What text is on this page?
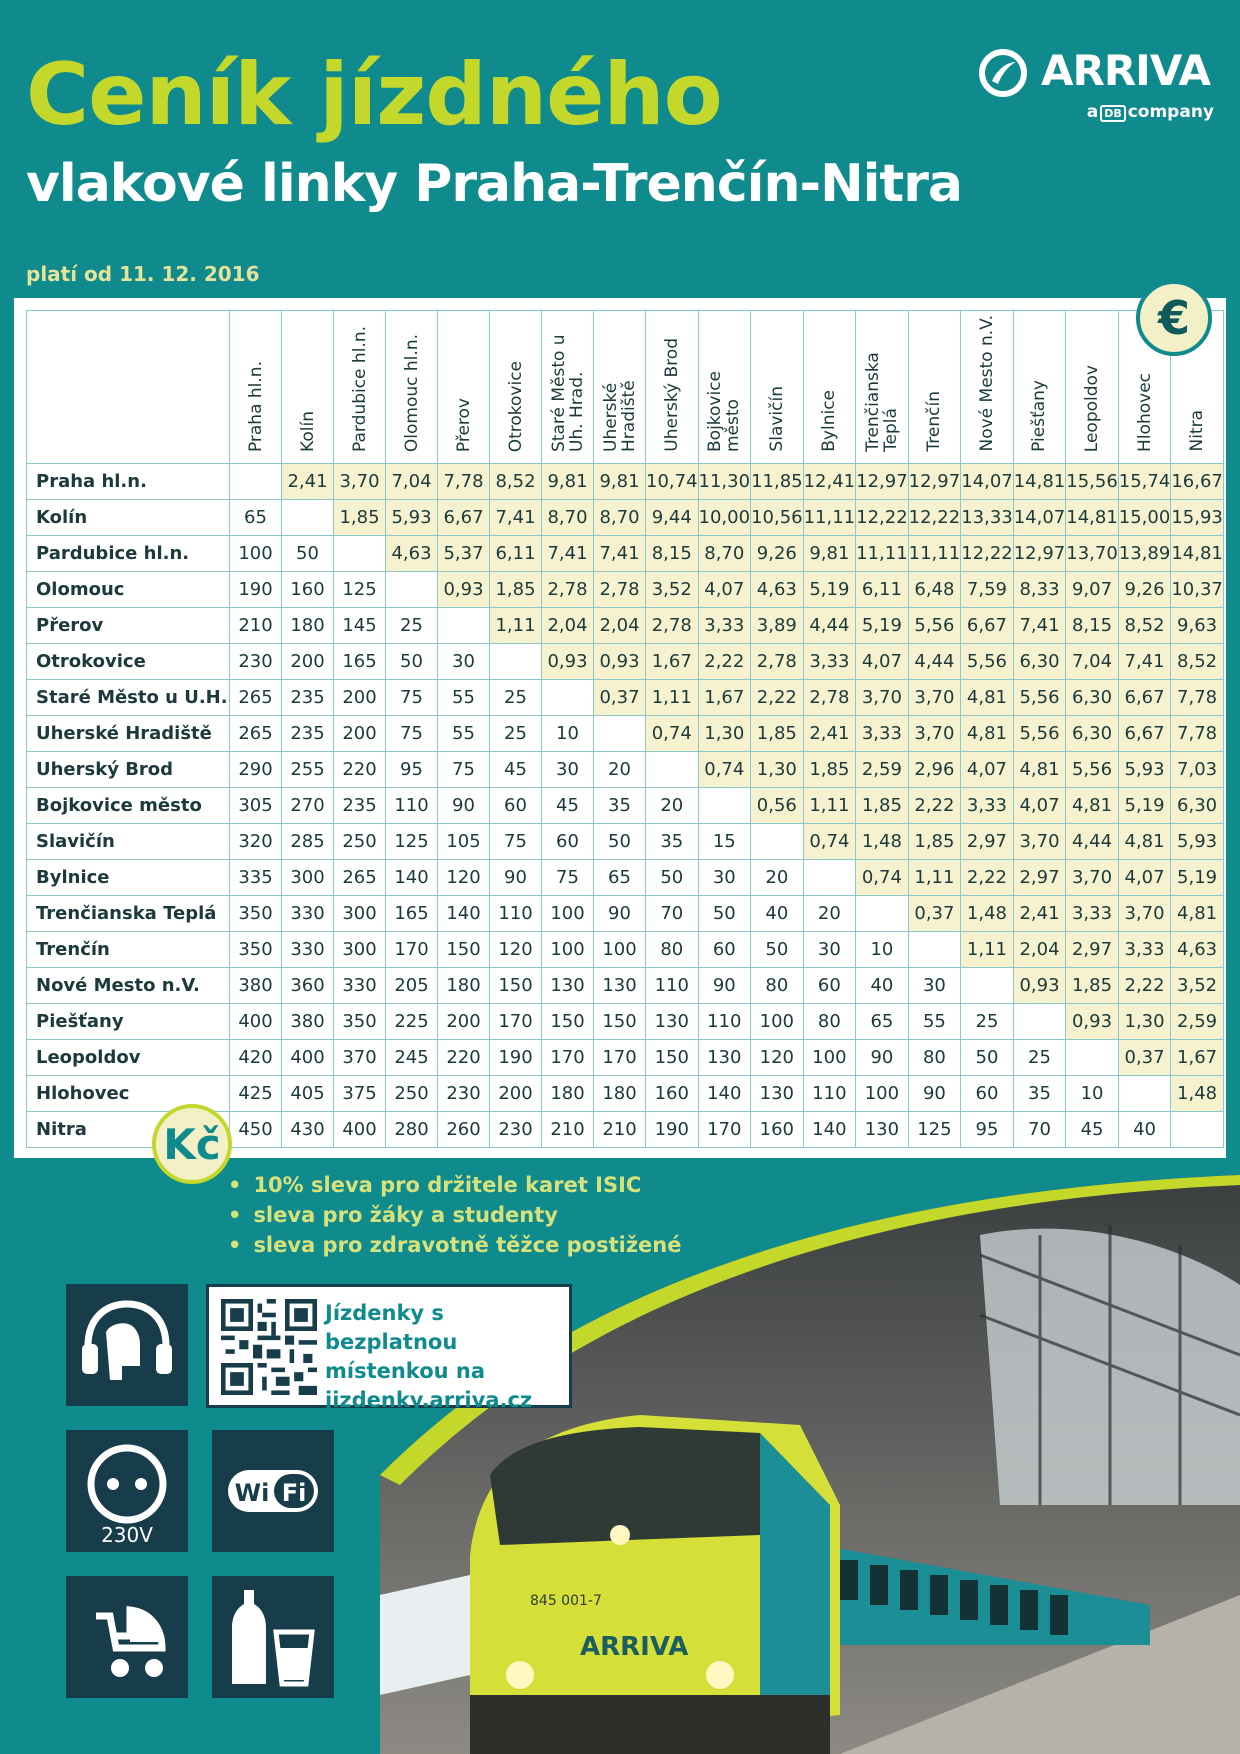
Ceník jízdného
vlakové linky Praha-Trenčín-Nitra
platí od 11. 12. 2016
ARRIVA
a DB company
	Praha hl.n.	Kolín	Pardubice hl.n.	Olomouc hl.n.	Přerov	Otrokovice	Staré Město u Uh. Hrad.	Uherské Hradiště	Uherský Brod	Bojkovice město	Slavičín	Bylnice	Trenčianska Teplá	Trenčín	Nové Mesto n.V.	Piešťany	Leopoldov	Hlohovec	Nitra
Praha hl.n.		2,41	3,70	7,04	7,78	8,52	9,81	9,81	10,74	11,30	11,85	12,41	12,97	12,97	14,07	14,81	15,56	15,74	16,67
Kolín	65		1,85	5,93	6,67	7,41	8,70	8,70	9,44	10,00	10,56	11,11	12,22	12,22	13,33	14,07	14,81	15,00	15,93
Pardubice hl.n.	100	50		4,63	5,37	6,11	7,41	7,41	8,15	8,70	9,26	9,81	11,11	11,11	12,22	12,97	13,70	13,89	14,81
Olomouc	190	160	125		0,93	1,85	2,78	2,78	3,52	4,07	4,63	5,19	6,11	6,48	7,59	8,33	9,07	9,26	10,37
Přerov	210	180	145	25		1,11	2,04	2,04	2,78	3,33	3,89	4,44	5,19	5,56	6,67	7,41	8,15	8,52	9,63
Otrokovice	230	200	165	50	30		0,93	0,93	1,67	2,22	2,78	3,33	4,07	4,44	5,56	6,30	7,04	7,41	8,52
Staré Město u U.H.	265	235	200	75	55	25		0,37	1,11	1,67	2,22	2,78	3,70	3,70	4,81	5,56	6,30	6,67	7,78
Uherské Hradiště	265	235	200	75	55	25	10		0,74	1,30	1,85	2,41	3,33	3,70	4,81	5,56	6,30	6,67	7,78
Uherský Brod	290	255	220	95	75	45	30	20		0,74	1,30	1,85	2,59	2,96	4,07	4,81	5,56	5,93	7,03
Bojkovice město	305	270	235	110	90	60	45	35	20		0,56	1,11	1,85	2,22	3,33	4,07	4,81	5,19	6,30
Slavičín	320	285	250	125	105	75	60	50	35	15		0,74	1,48	1,85	2,97	3,70	4,44	4,81	5,93
Bylnice	335	300	265	140	120	90	75	65	50	30	20		0,74	1,11	2,22	2,97	3,70	4,07	5,19
Trenčianska Teplá	350	330	300	165	140	110	100	90	70	50	40	20		0,37	1,48	2,41	3,33	3,70	4,81
Trenčín	350	330	300	170	150	120	100	100	80	60	50	30	10		1,11	2,04	2,97	3,33	4,63
Nové Mesto n.V.	380	360	330	205	180	150	130	130	110	90	80	60	40	30		0,93	1,85	2,22	3,52
Piešťany	400	380	350	225	200	170	150	150	130	110	100	80	65	55	25		0,93	1,30	2,59
Leopoldov	420	400	370	245	220	190	170	170	150	130	120	100	90	80	50	25		0,37	1,67
Hlohovec	425	405	375	250	230	200	180	180	160	140	130	110	100	90	60	35	10		1,48
Nitra	450	430	400	280	260	230	210	210	190	170	160	140	130	125	95	70	45	40	
€
Kč
845 001-7
ARRIVA
• 10% sleva pro držitele karet ISIC
• sleva pro žáky a studenty
• sleva pro zdravotně těžce postižené
230V
Wi Fi
Jízdenky s bezplatnou
místenkou na
jizdenky.arriva.cz
